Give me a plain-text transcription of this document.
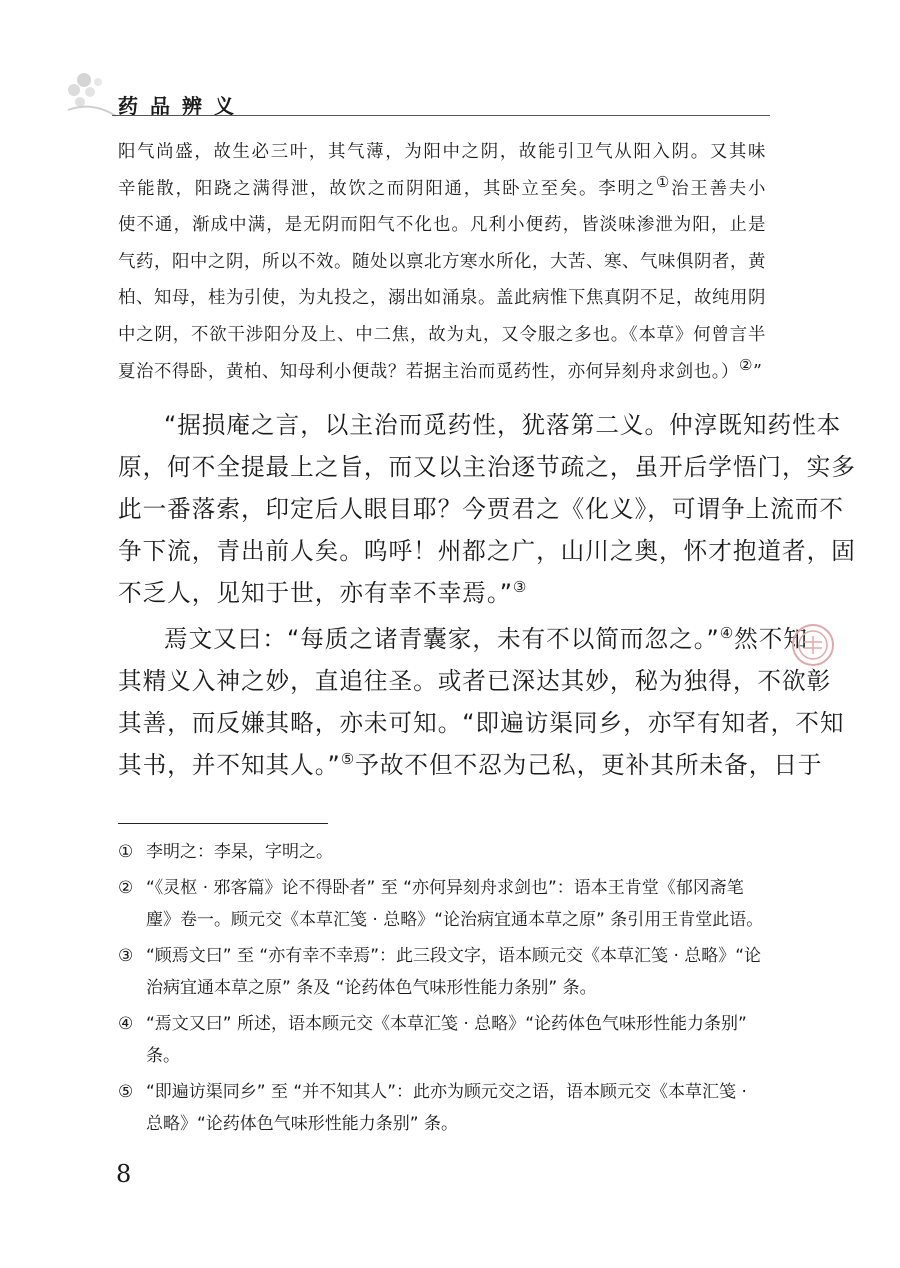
药品辨义

阳气尚盛，故生必三叶，其气薄，为阳中之阴，故能引卫气从阳入阴。又其味
辛能散，阳跷之满得泄，故饮之而阴阳通，其卧立至矣。李明之①治王善夫小
使不通，渐成中满，是无阴而阳气不化也。凡利小便药，皆淡味渗泄为阳，止是
气药，阳中之阴，所以不效。随处以禀北方寒水所化，大苦、寒、气味俱阴者，黄
柏、知母，桂为引使，为丸投之，溺出如涌泉。盖此病惟下焦真阴不足，故纯用阴
中之阴，不欲干涉阳分及上、中二焦，故为丸，又令服之多也。《本草》何曾言半
夏治不得卧，黄柏、知母利小便哉？若据主治而觅药性，亦何异刻舟求剑也。）②”

“据损庵之言，以主治而觅药性，犹落第二义。仲淳既知药性本
原，何不全提最上之旨，而又以主治逐节疏之，虽开后学悟门，实多
此一番落索，印定后人眼目耶？今贾君之《化义》，可谓争上流而不
争下流，青出前人矣。呜呼！州都之广，山川之奥，怀才抱道者，固
不乏人，见知于世，亦有幸不幸焉。”③
焉文又曰：“每质之诸青囊家，未有不以简而忽之。”④然不知
其精义入神之妙，直追往圣。或者已深达其妙，秘为独得，不欲彰
其善，而反嫌其略，亦未可知。“即遍访渠同乡，亦罕有知者，不知
其书，并不知其人。”⑤予故不但不忍为己私，更补其所未备，日于
① 李明之：李杲，字明之。
② “《灵枢 · 邪客篇》论不得卧者” 至 “亦何异刻舟求剑也”：语本王肯堂《郁冈斋笔麈》卷一。顾元交《本草汇笺 · 总略》“论治病宜通本草之原” 条引用王肯堂此语。
③ “顾焉文曰” 至 “亦有幸不幸焉”：此三段文字，语本顾元交《本草汇笺 · 总略》“论治病宜通本草之原” 条及 “论药体色气味形性能力条别” 条。
④ “焉文又曰” 所述，语本顾元交《本草汇笺 · 总略》“论药体色气味形性能力条别” 条。
⑤ “即遍访渠同乡” 至 “并不知其人”：此亦为顾元交之语，语本顾元交《本草汇笺 · 总略》“论药体色气味形性能力条别” 条。
8
